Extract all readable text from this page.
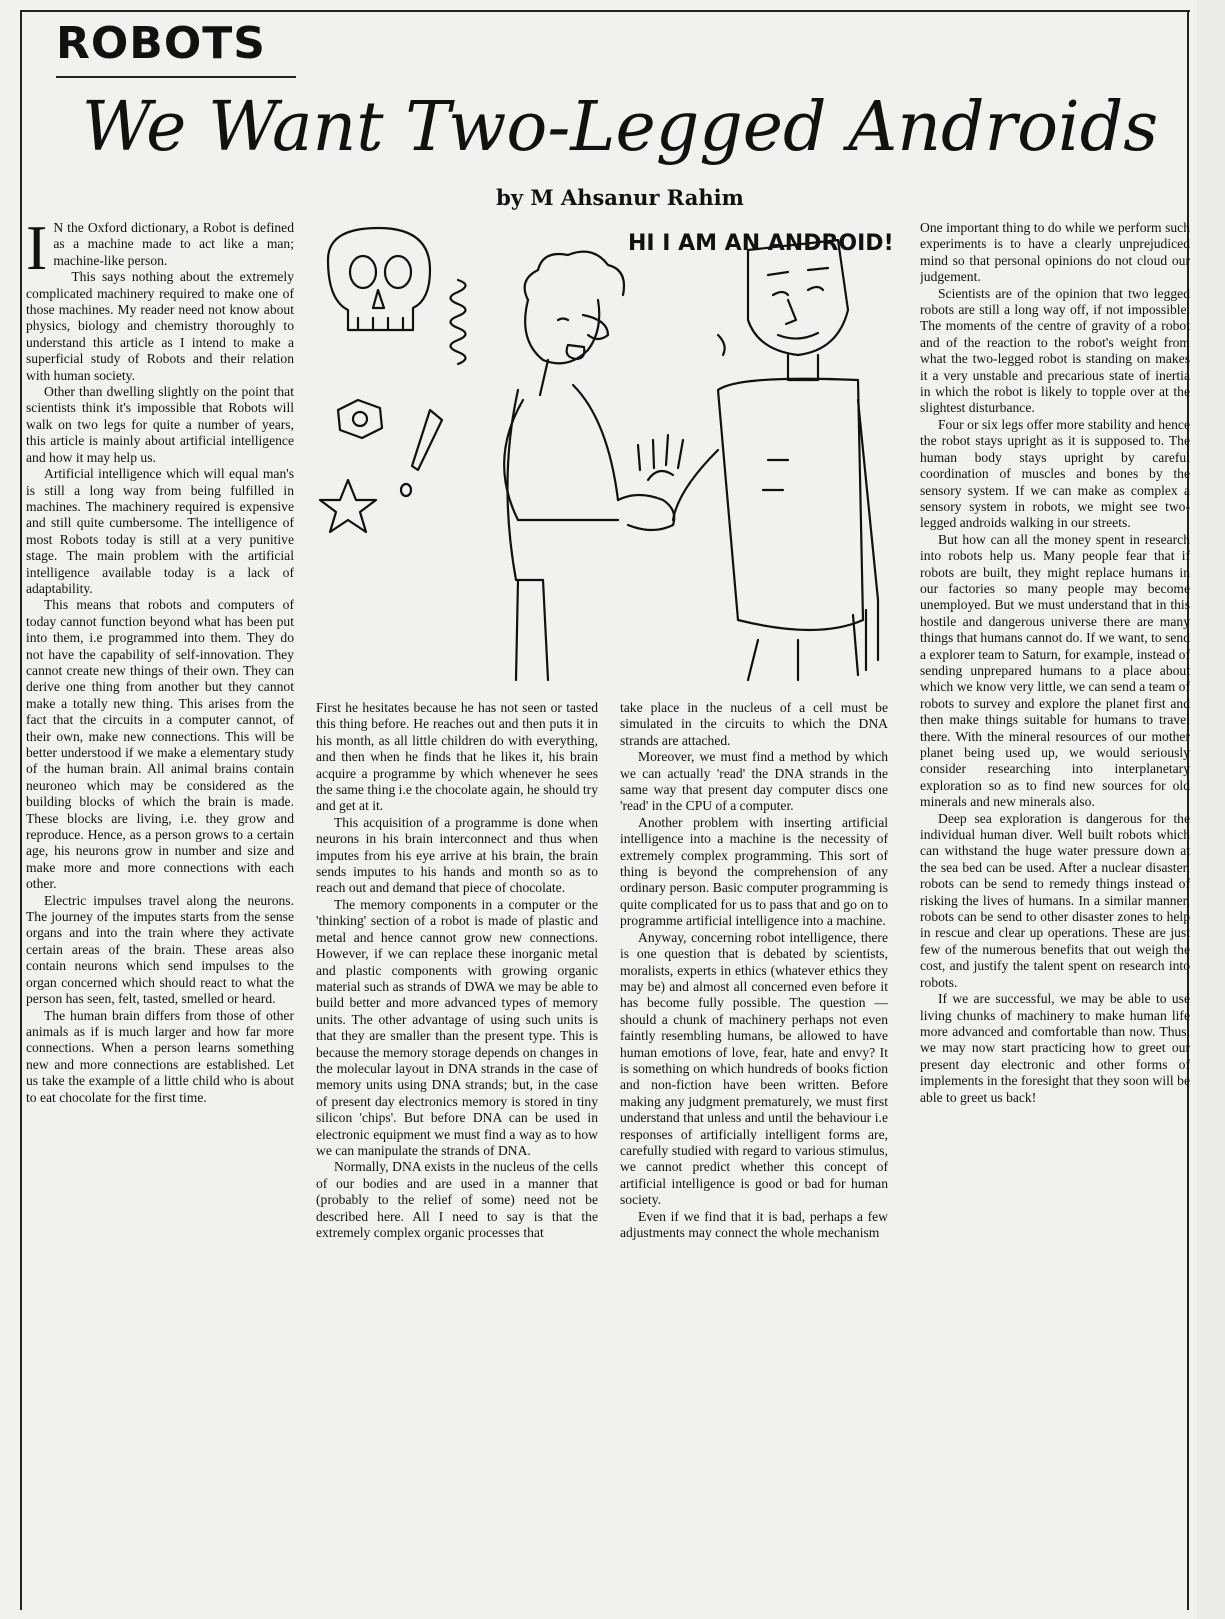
ROBOTS
We Want Two-Legged Androids
by M Ahsanur Rahim
HI I AM AN ANDROID!
I N the Oxford dictionary, a Robot is defined as a machine made to act like a man; machine-like person.

This says nothing about the extremely complicated machinery required to make one of those machines. My reader need not know about physics, biology and chemistry thoroughly to understand this article as I intend to make a superficial study of Robots and their relation with human society.

Other than dwelling slightly on the point that scientists think it's impossible that Robots will walk on two legs for quite a number of years, this article is mainly about artificial intelligence and how it may help us.

Artificial intelligence which will equal man's is still a long way from being fulfilled in machines. The machinery required is expensive and still quite cumbersome. The intelligence of most Robots today is still at a very punitive stage. The main problem with the artificial intelligence available today is a lack of adaptability.

This means that robots and computers of today cannot function beyond what has been put into them, i.e programmed into them. They do not have the capability of self-innovation. They cannot create new things of their own. They can derive one thing from another but they cannot make a totally new thing. This arises from the fact that the circuits in a computer cannot, of their own, make new connections. This will be better understood if we make a elementary study of the human brain. All animal brains contain neuroneo which may be considered as the building blocks of which the brain is made. These blocks are living, i.e. they grow and reproduce. Hence, as a person grows to a certain age, his neurons grow in number and size and make more and more connections with each other.

Electric impulses travel along the neurons. The journey of the imputes starts from the sense organs and into the train where they activate certain areas of the brain. These areas also contain neurons which send impulses to the organ concerned which should react to what the person has seen, felt, tasted, smelled or heard.

The human brain differs from those of other animals as if is much larger and how far more connections. When a person learns something new and more connections are established. Let us take the example of a little child who is about to eat chocolate for the first time.

First he hesitates because he has not seen or tasted this thing before. He reaches out and then puts it in his month, as all little children do with everything, and then when he finds that he likes it, his brain acquire a programme by which whenever he sees the same thing i.e the chocolate again, he should try and get at it.

This acquisition of a programme is done when neurons in his brain interconnect and thus when imputes from his eye arrive at his brain, the brain sends imputes to his hands and month so as to reach out and demand that piece of chocolate.

The memory components in a computer or the 'thinking' section of a robot is made of plastic and metal and hence cannot grow new connections. However, if we can replace these inorganic metal and plastic components with growing organic material such as strands of DWA we may be able to build better and more advanced types of memory units. The other advantage of using such units is that they are smaller than the present type. This is because the memory storage depends on changes in the molecular layout in DNA strands in the case of memory units using DNA strands; but, in the case of present day electronics memory is stored in tiny silicon 'chips'. But before DNA can be used in electronic equipment we must find a way as to how we can manipulate the strands of DNA.

Normally, DNA exists in the nucleus of the cells of our bodies and are used in a manner that (probably to the relief of some) need not be described here. All I need to say is that the extremely complex organic processes that

take place in the nucleus of a cell must be simulated in the circuits to which the DNA strands are attached.

Moreover, we must find a method by which we can actually 'read' the DNA strands in the same way that present day computer discs one 'read' in the CPU of a computer.

Another problem with inserting artificial intelligence into a machine is the necessity of extremely complex programming. This sort of thing is beyond the comprehension of any ordinary person. Basic computer programming is quite complicated for us to pass that and go on to programme artificial intelligence into a machine.

Anyway, concerning robot intelligence, there is one question that is debated by scientists, moralists, experts in ethics (whatever ethics they may be) and almost all concerned even before it has become fully possible. The question — should a chunk of machinery perhaps not even faintly resembling humans, be allowed to have human emotions of love, fear, hate and envy? It is something on which hundreds of books fiction and non-fiction have been written. Before making any judgment prematurely, we must first understand that unless and until the behaviour i.e responses of artificially intelligent forms are, carefully studied with regard to various stimulus, we cannot predict whether this concept of artificial intelligence is good or bad for human society.

Even if we find that it is bad, perhaps a few adjustments may connect the whole mechanism

One important thing to do while we perform such experiments is to have a clearly unprejudiced mind so that personal opinions do not cloud our judgement.

Scientists are of the opinion that two legged robots are still a long way off, if not impossible. The moments of the centre of gravity of a robot and of the reaction to the robot's weight from what the two-legged robot is standing on makes it a very unstable and precarious state of inertia in which the robot is likely to topple over at the slightest disturbance.

Four or six legs offer more stability and hence the robot stays upright as it is supposed to. The human body stays upright by careful coordination of muscles and bones by the sensory system. If we can make as complex a sensory system in robots, we might see two-legged androids walking in our streets.

But how can all the money spent in research into robots help us. Many people fear that if robots are built, they might replace humans in our factories so many people may become unemployed. But we must understand that in this hostile and dangerous universe there are many things that humans cannot do. If we want, to send a explorer team to Saturn, for example, instead of sending unprepared humans to a place about which we know very little, we can send a team of robots to survey and explore the planet first and then make things suitable for humans to travel there. With the mineral resources of our mother planet being used up, we would seriously consider researching into interplanetary exploration so as to find new sources for old minerals and new minerals also.

Deep sea exploration is dangerous for the individual human diver. Well built robots which can withstand the huge water pressure down at the sea bed can be used. After a nuclear disaster, robots can be send to remedy things instead of risking the lives of humans. In a similar manner, robots can be send to other disaster zones to help in rescue and clear up operations. These are just few of the numerous benefits that out weigh the cost, and justify the talent spent on research into robots.

If we are successful, we may be able to use living chunks of machinery to make human life more advanced and comfortable than now. Thus, we may now start practicing how to greet our present day electronic and other forms of implements in the foresight that they soon will be able to greet us back!
